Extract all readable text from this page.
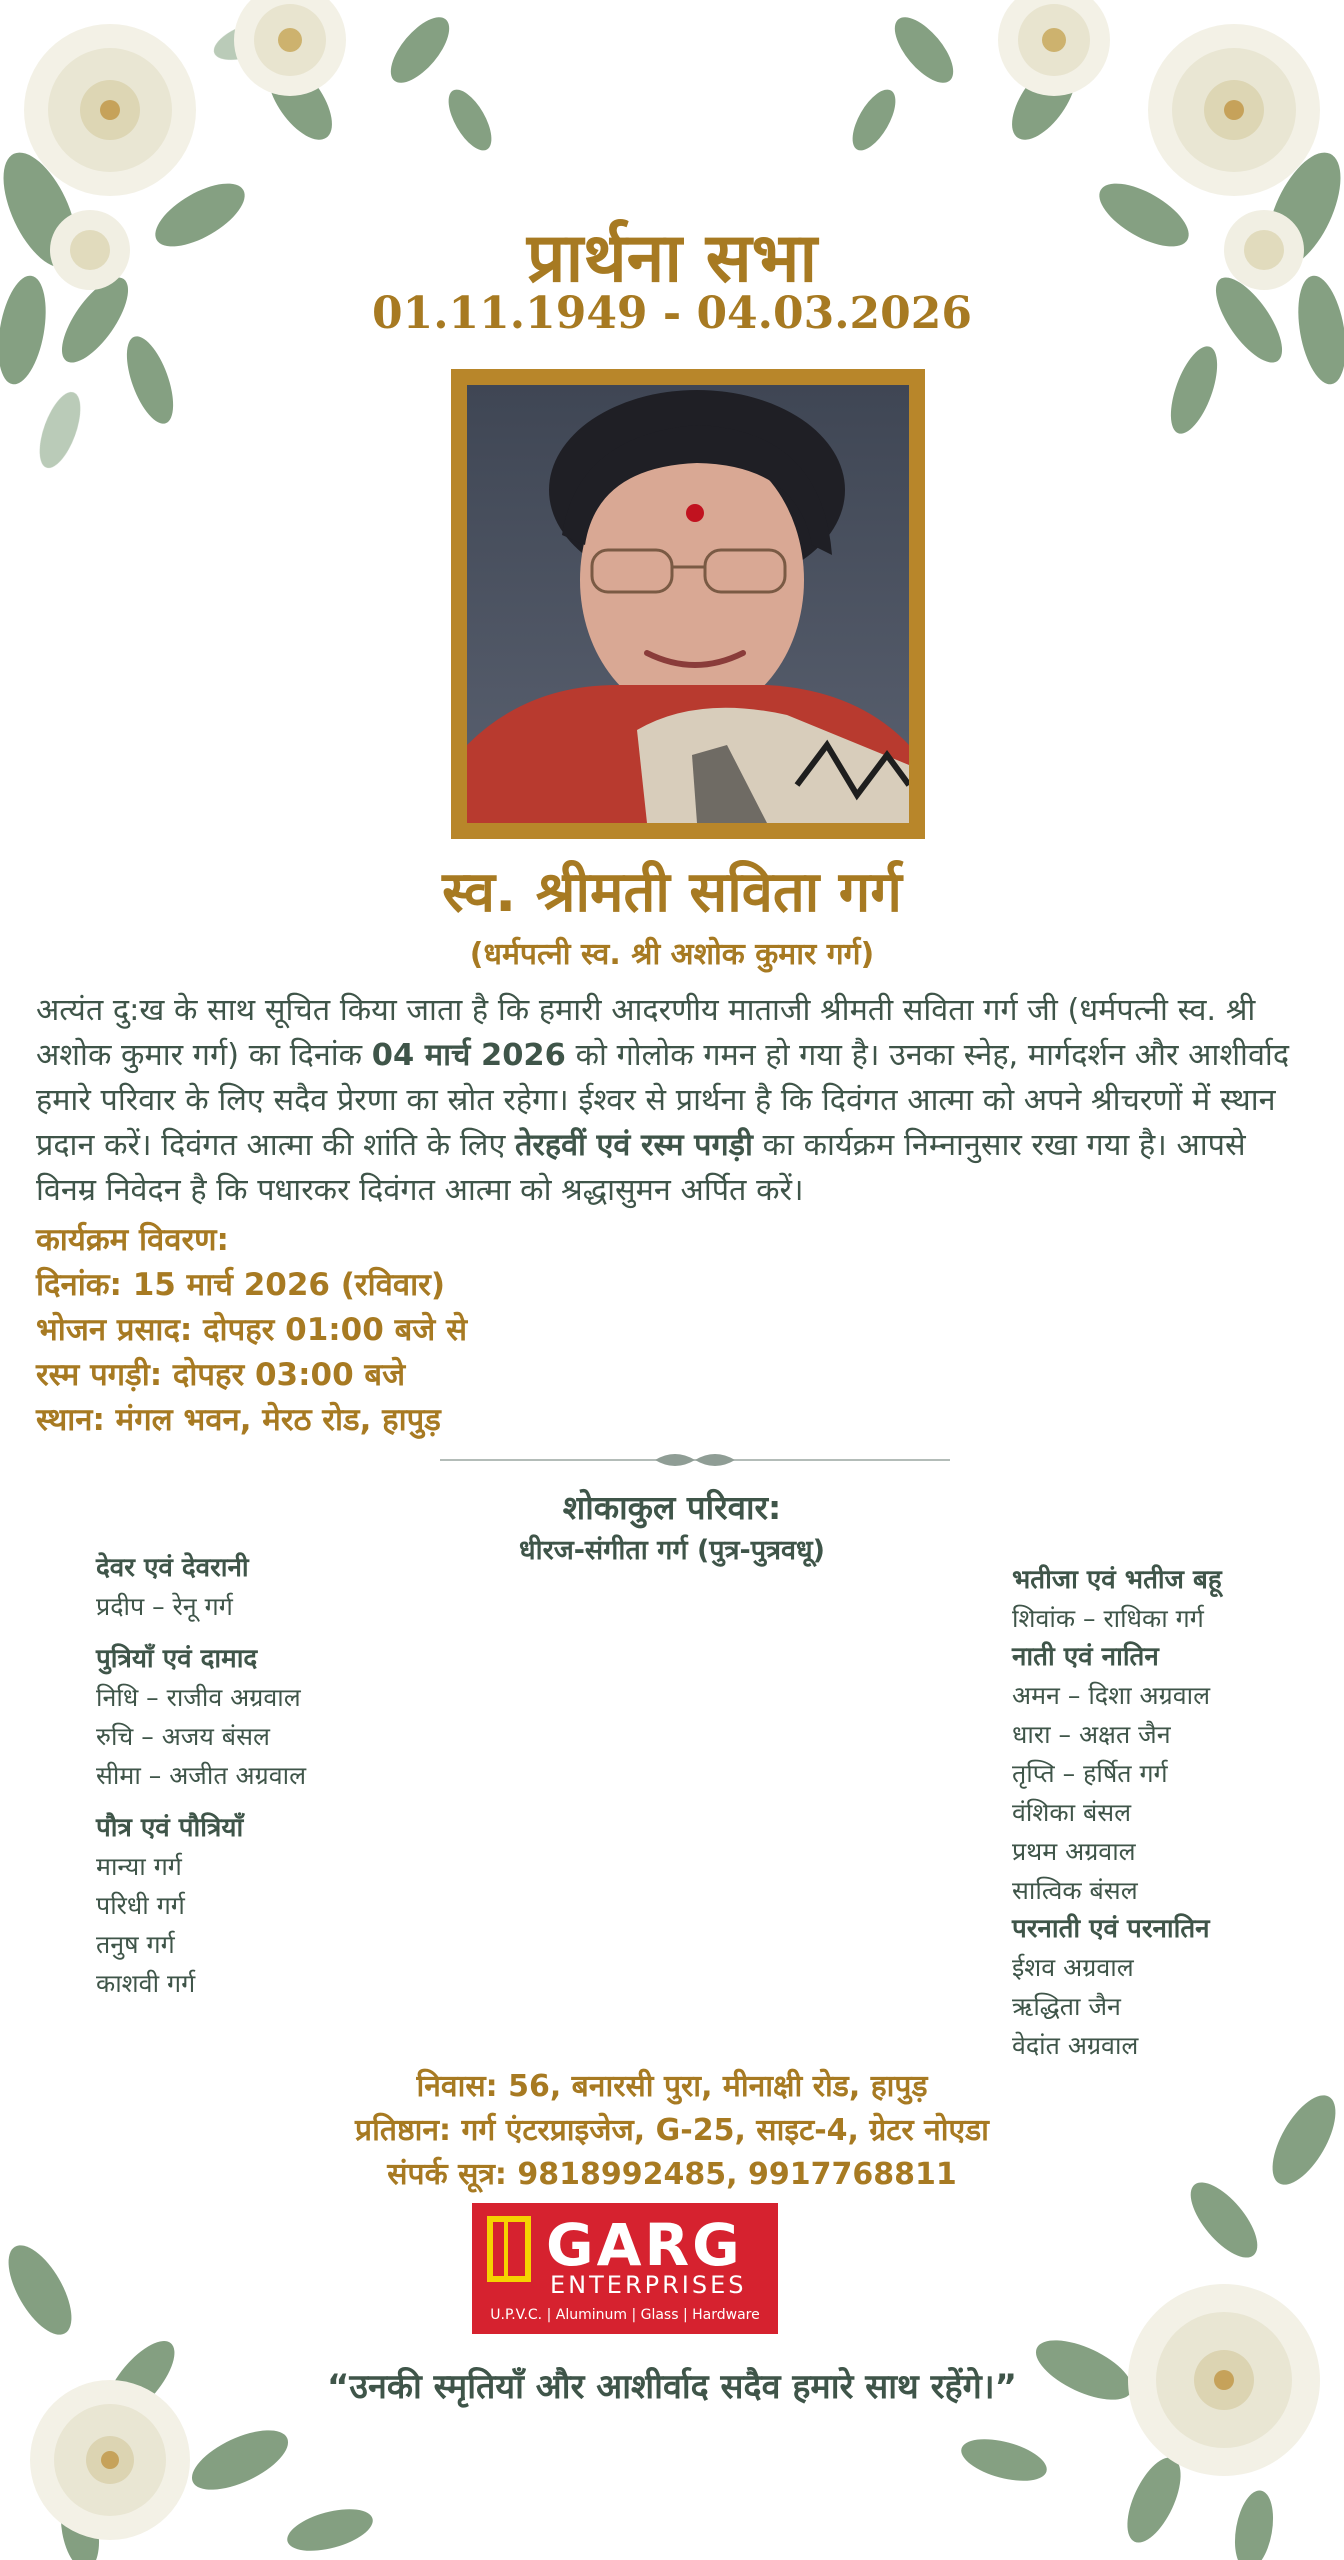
प्रार्थना सभा
01.11.1949 - 04.03.2026
स्व. श्रीमती सविता गर्ग
(धर्मपत्नी स्व. श्री अशोक कुमार गर्ग)
अत्यंत दु:ख के साथ सूचित किया जाता है कि हमारी आदरणीय माताजी श्रीमती सविता गर्ग जी (धर्मपत्नी स्व. श्री अशोक कुमार गर्ग) का दिनांक 04 मार्च 2026 को गोलोक गमन हो गया है। उनका स्नेह, मार्गदर्शन और आशीर्वाद हमारे परिवार के लिए सदैव प्रेरणा का स्रोत रहेगा। ईश्वर से प्रार्थना है कि दिवंगत आत्मा को अपने श्रीचरणों में स्थान प्रदान करें। दिवंगत आत्मा की शांति के लिए तेरहवीं एवं रस्म पगड़ी का कार्यक्रम निम्नानुसार रखा गया है। आपसे विनम्र निवेदन है कि पधारकर दिवंगत आत्मा को श्रद्धासुमन अर्पित करें।
कार्यक्रम विवरण:
दिनांक: 15 मार्च 2026 (रविवार)
भोजन प्रसाद: दोपहर 01:00 बजे से
रस्म पगड़ी: दोपहर 03:00 बजे
स्थान: मंगल भवन, मेरठ रोड, हापुड़
शोकाकुल परिवार:
धीरज-संगीता गर्ग (पुत्र-पुत्रवधू)
देवर एवं देवरानी
प्रदीप – रेनू गर्ग
पुत्रियाँ एवं दामाद
निधि – राजीव अग्रवाल
रुचि – अजय बंसल
सीमा – अजीत अग्रवाल
पौत्र एवं पौत्रियाँ
मान्या गर्ग
परिधी गर्ग
तनुष गर्ग
काशवी गर्ग
भतीजा एवं भतीज बहू
शिवांक – राधिका गर्ग
नाती एवं नातिन
अमन – दिशा अग्रवाल
धारा – अक्षत जैन
तृप्ति – हर्षित गर्ग
वंशिका बंसल
प्रथम अग्रवाल
सात्विक बंसल
परनाती एवं परनातिन
ईशव अग्रवाल
ऋद्धिता जैन
वेदांत अग्रवाल
निवास: 56, बनारसी पुरा, मीनाक्षी रोड, हापुड़
प्रतिष्ठान: गर्ग एंटरप्राइजेज, G-25, साइट-4, ग्रेटर नोएडा
संपर्क सूत्र: 9818992485, 9917768811
GARG
ENTERPRISES
U.P.V.C. | Aluminum | Glass | Hardware
“उनकी स्मृतियाँ और आशीर्वाद सदैव हमारे साथ रहेंगे।”
